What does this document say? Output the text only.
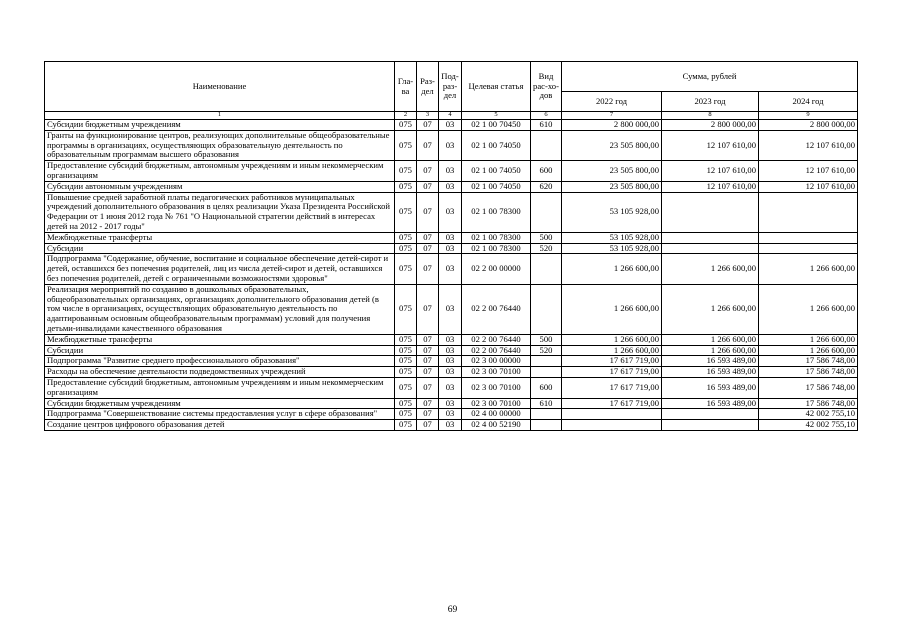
Наименование	Гла-ва	Раз-дел	Под-раз-дел	Целевая статья	Вид рас-хо-дов	Сумма, рублей		
						2022 год	2023 год	2024 год
1	2	3	4	5	6	7	8	9
Субсидии бюджетным учреждениям	075	07	03	02 1 00 70450	610	2 800 000,00	2 800 000,00	2 800 000,00
Гранты на функционирование центров, реализующих дополнительные общеобразовательные программы в организациях, осуществляющих образовательную деятельность по образовательным программам высшего образования	075	07	03	02 1 00 74050		23 505 800,00	12 107 610,00	12 107 610,00
Предоставление субсидий бюджетным, автономным учреждениям и иным некоммерческим организациям	075	07	03	02 1 00 74050	600	23 505 800,00	12 107 610,00	12 107 610,00
Субсидии автономным учреждениям	075	07	03	02 1 00 74050	620	23 505 800,00	12 107 610,00	12 107 610,00
Повышение средней заработной платы педагогических работников муниципальных учреждений дополнительного образования в целях реализации Указа Президента Российской Федерации от 1 июня 2012 года № 761 "О Национальной стратегии действий в интересах детей на 2012 - 2017 годы"	075	07	03	02 1 00 78300		53 105 928,00		
Межбюджетные трансферты	075	07	03	02 1 00 78300	500	53 105 928,00		
Субсидии	075	07	03	02 1 00 78300	520	53 105 928,00		
Подпрограмма "Содержание, обучение, воспитание и социальное обеспечение детей-сирот и детей, оставшихся без попечения родителей, лиц из числа детей-сирот и детей, оставшихся без попечения родителей, детей с ограниченными возможностями здоровья"	075	07	03	02 2 00 00000		1 266 600,00	1 266 600,00	1 266 600,00
Реализация мероприятий по созданию в дошкольных образовательных, общеобразовательных организациях, организациях дополнительного образования детей (в том числе в организациях, осуществляющих образовательную деятельность по адаптированным основным общеобразовательным программам) условий для получения детьми-инвалидами качественного образования	075	07	03	02 2 00 76440		1 266 600,00	1 266 600,00	1 266 600,00
Межбюджетные трансферты	075	07	03	02 2 00 76440	500	1 266 600,00	1 266 600,00	1 266 600,00
Субсидии	075	07	03	02 2 00 76440	520	1 266 600,00	1 266 600,00	1 266 600,00
Подпрограмма "Развитие среднего профессионального образования"	075	07	03	02 3 00 00000		17 617 719,00	16 593 489,00	17 586 748,00
Расходы на обеспечение деятельности подведомственных учреждений	075	07	03	02 3 00 70100		17 617 719,00	16 593 489,00	17 586 748,00
Предоставление субсидий бюджетным, автономным учреждениям и иным некоммерческим организациям	075	07	03	02 3 00 70100	600	17 617 719,00	16 593 489,00	17 586 748,00
Субсидии бюджетным учреждениям	075	07	03	02 3 00 70100	610	17 617 719,00	16 593 489,00	17 586 748,00
Подпрограмма "Совершенствование системы предоставления услуг в сфере образования"	075	07	03	02 4 00 00000				42 002 755,10
Создание центров цифрового образования детей	075	07	03	02 4 00 52190				42 002 755,10
69
